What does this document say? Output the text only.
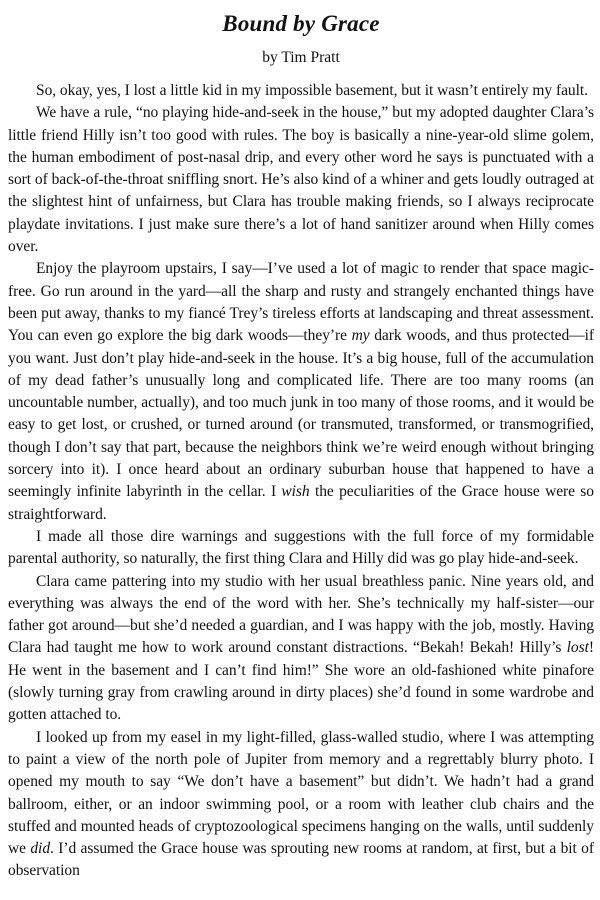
Bound by Grace
by Tim Pratt

So, okay, yes, I lost a little kid in my impossible basement, but it wasn’t entirely my fault.

We have a rule, “no playing hide-and-seek in the house,” but my adopted daughter Clara’s little friend Hilly isn’t too good with rules. The boy is basically a nine-year-old slime golem, the human embodiment of post-nasal drip, and every other word he says is punctuated with a sort of back-of-the-throat sniffling snort. He’s also kind of a whiner and gets loudly outraged at the slightest hint of unfairness, but Clara has trouble making friends, so I always reciprocate playdate invitations. I just make sure there’s a lot of hand sanitizer around when Hilly comes over.

Enjoy the playroom upstairs, I say—I’ve used a lot of magic to render that space magic-free. Go run around in the yard—all the sharp and rusty and strangely enchanted things have been put away, thanks to my fiancé Trey’s tireless efforts at landscaping and threat assessment. You can even go explore the big dark woods—they’re my dark woods, and thus protected—if you want. Just don’t play hide-and-seek in the house. It’s a big house, full of the accumulation of my dead father’s unusually long and complicated life. There are too many rooms (an uncountable number, actually), and too much junk in too many of those rooms, and it would be easy to get lost, or crushed, or turned around (or transmuted, transformed, or transmogrified, though I don’t say that part, because the neighbors think we’re weird enough without bringing sorcery into it). I once heard about an ordinary suburban house that happened to have a seemingly infinite labyrinth in the cellar. I wish the peculiarities of the Grace house were so straightforward.

I made all those dire warnings and suggestions with the full force of my formidable parental authority, so naturally, the first thing Clara and Hilly did was go play hide-and-seek.

Clara came pattering into my studio with her usual breathless panic. Nine years old, and everything was always the end of the word with her. She’s technically my half-sister—our father got around—but she’d needed a guardian, and I was happy with the job, mostly. Having Clara had taught me how to work around constant distractions. “Bekah! Bekah! Hilly’s lost! He went in the basement and I can’t find him!” She wore an old-fashioned white pinafore (slowly turning gray from crawling around in dirty places) she’d found in some wardrobe and gotten attached to.

I looked up from my easel in my light-filled, glass-walled studio, where I was attempting to paint a view of the north pole of Jupiter from memory and a regrettably blurry photo. I opened my mouth to say “We don’t have a basement” but didn’t. We hadn’t had a grand ballroom, either, or an indoor swimming pool, or a room with leather club chairs and the stuffed and mounted heads of cryptozoological specimens hanging on the walls, until suddenly we did. I’d assumed the Grace house was sprouting new rooms at random, at first, but a bit of observation
